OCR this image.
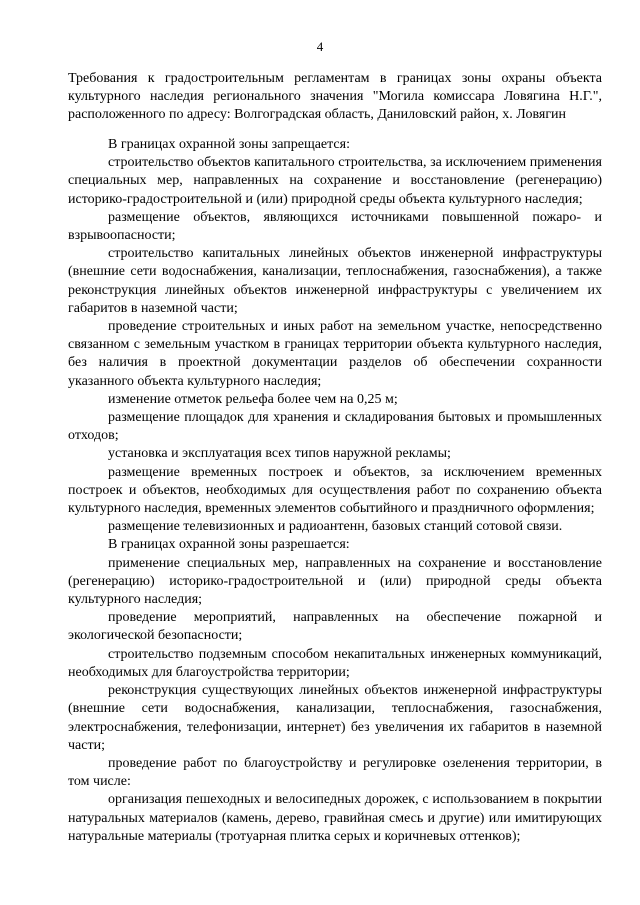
4
Требования к градостроительным регламентам в границах зоны охраны объекта культурного наследия регионального значения "Могила комиссара Ловягина Н.Г.", расположенного по адресу: Волгоградская область, Даниловский район, х. Ловягин

В границах охранной зоны запрещается:

строительство объектов капитального строительства, за исключением применения специальных мер, направленных на сохранение и восстановление (регенерацию) историко-градостроительной и (или) природной среды объекта культурного наследия;

размещение объектов, являющихся источниками повышенной пожаро- и взрывоопасности;

строительство капитальных линейных объектов инженерной инфраструктуры (внешние сети водоснабжения, канализации, теплоснабжения, газоснабжения), а также реконструкция линейных объектов инженерной инфраструктуры с увеличением их габаритов в наземной части;

проведение строительных и иных работ на земельном участке, непосредственно связанном с земельным участком в границах территории объекта культурного наследия, без наличия в проектной документации разделов об обеспечении сохранности указанного объекта культурного наследия;

изменение отметок рельефа более чем на 0,25 м;

размещение площадок для хранения и складирования бытовых и промышленных отходов;

установка и эксплуатация всех типов наружной рекламы;

размещение временных построек и объектов, за исключением временных построек и объектов, необходимых для осуществления работ по сохранению объекта культурного наследия, временных элементов событийного и праздничного оформления;

размещение телевизионных и радиоантенн, базовых станций сотовой связи.

В границах охранной зоны разрешается:

применение специальных мер, направленных на сохранение и восстановление (регенерацию) историко-градостроительной и (или) природной среды объекта культурного наследия;

проведение мероприятий, направленных на обеспечение пожарной и экологической безопасности;

строительство подземным способом некапитальных инженерных коммуникаций, необходимых для благоустройства территории;

реконструкция существующих линейных объектов инженерной инфраструктуры (внешние сети водоснабжения, канализации, теплоснабжения, газоснабжения, электроснабжения, телефонизации, интернет) без увеличения их габаритов в наземной части;

проведение работ по благоустройству и регулировке озеленения территории, в том числе:

организация пешеходных и велосипедных дорожек, с использованием в покрытии натуральных материалов (камень, дерево, гравийная смесь и другие) или имитирующих натуральные материалы (тротуарная плитка серых и коричневых оттенков);
